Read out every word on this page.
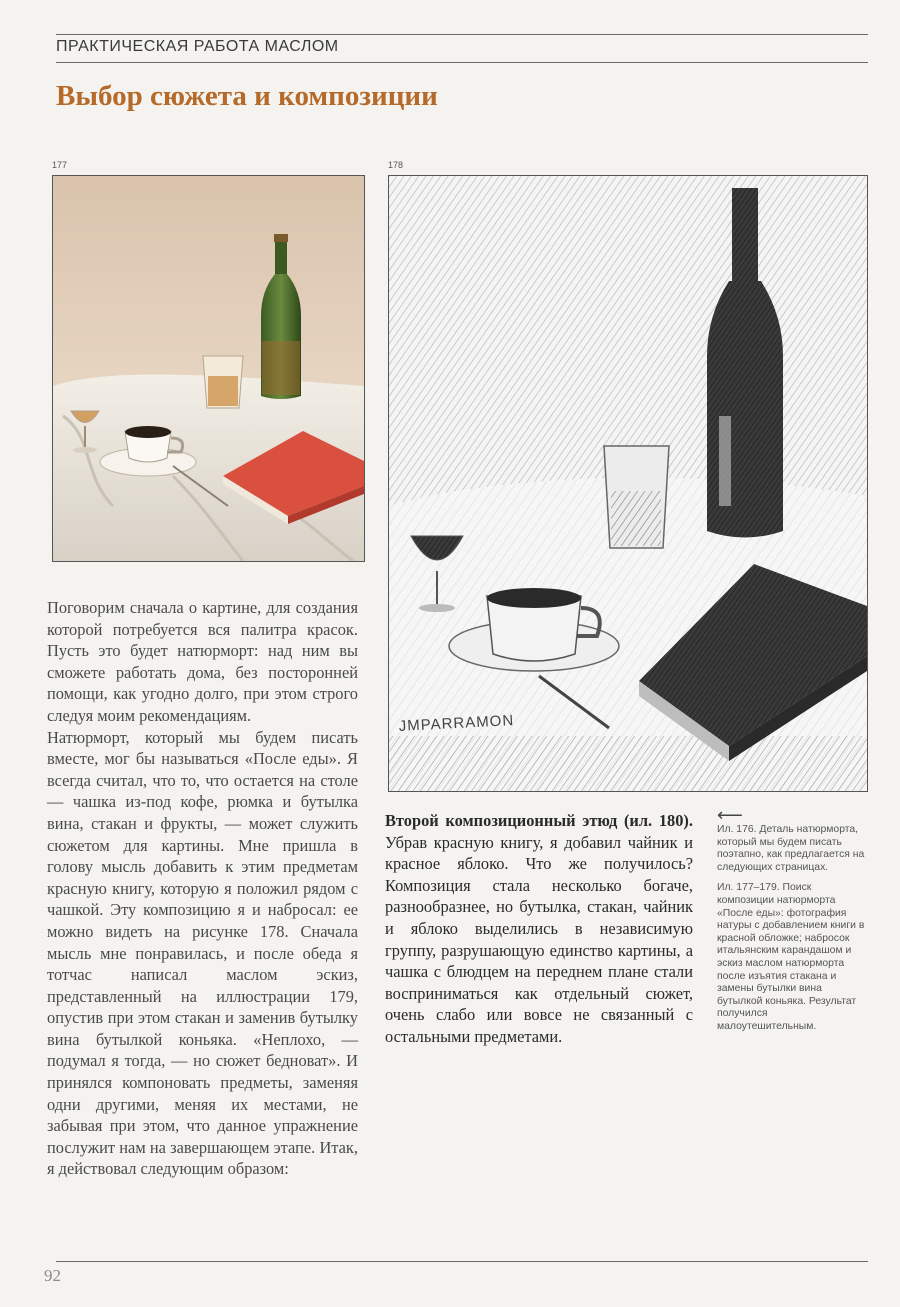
ПРАКТИЧЕСКАЯ РАБОТА МАСЛОМ
Выбор сюжета и композиции
177	178
JMPARRAMON

Поговорим сначала о картине, для создания которой потребуется вся палитра красок. Пусть это будет натюрморт: над ним вы сможете работать дома, без посторонней помощи, как угодно долго, при этом строго следуя моим рекомендациям.

Натюрморт, который мы будем писать вместе, мог бы называться «После еды». Я всегда считал, что то, что остается на столе — чашка из-под кофе, рюмка и бутылка вина, стакан и фрукты, — может служить сюжетом для картины. Мне пришла в голову мысль добавить к этим предметам красную книгу, которую я положил рядом с чашкой. Эту композицию я и набросал: ее можно видеть на рисунке 178. Сначала мысль мне понравилась, и после обеда я тотчас написал маслом эскиз, представленный на иллюстрации 179, опустив при этом стакан и заменив бутылку вина бутылкой коньяка. «Неплохо, — подумал я тогда, — но сюжет бедноват». И принялся компоновать предметы, заменяя одни другими, меняя их местами, не забывая при этом, что данное упражнение послужит нам на завершающем этапе. Итак, я действовал следующим образом:

Второй композиционный этюд (ил. 180). Убрав красную книгу, я добавил чайник и красное яблоко. Что же получилось? Композиция стала несколько богаче, разнообразнее, но бутылка, стакан, чайник и яблоко выделились в независимую группу, разрушающую единство картины, а чашка с блюдцем на переднем плане стали восприниматься как отдельный сюжет, очень слабо или вовсе не связанный с остальными предметами.
⟵

Ил. 176. Деталь натюрморта, который мы будем писать поэтапно, как предлагается на следующих страницах.

Ил. 177–179. Поиск композиции натюрморта «После еды»: фотография натуры с добавлением книги в красной обложке; набросок итальянским карандашом и эскиз маслом натюрморта после изъятия стакана и замены бутылки вина бутылкой коньяка. Результат получился малоутешительным.

92
